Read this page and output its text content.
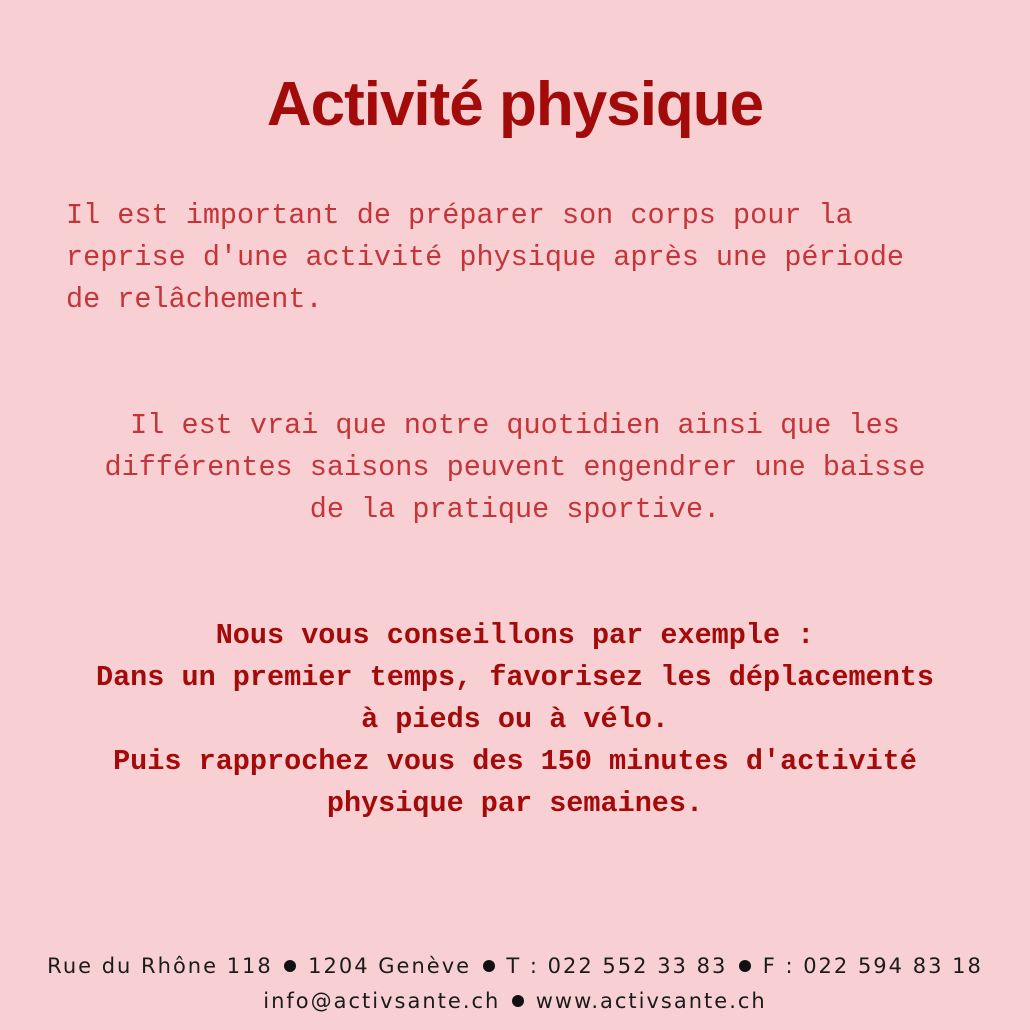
Activité physique
Il est important de préparer son corps pour la
reprise d'une activité physique après une période
de relâchement.
Il est vrai que notre quotidien ainsi que les
différentes saisons peuvent engendrer une baisse
de la pratique sportive.
Nous vous conseillons par exemple :
Dans un premier temps, favorisez les déplacements
à pieds ou à vélo.
Puis rapprochez vous des 150 minutes d'activité
physique par semaines.
Rue du Rhône 118 1204 Genève T : 022 552 33 83 F : 022 594 83 18
info@activsante.ch www.activsante.ch
